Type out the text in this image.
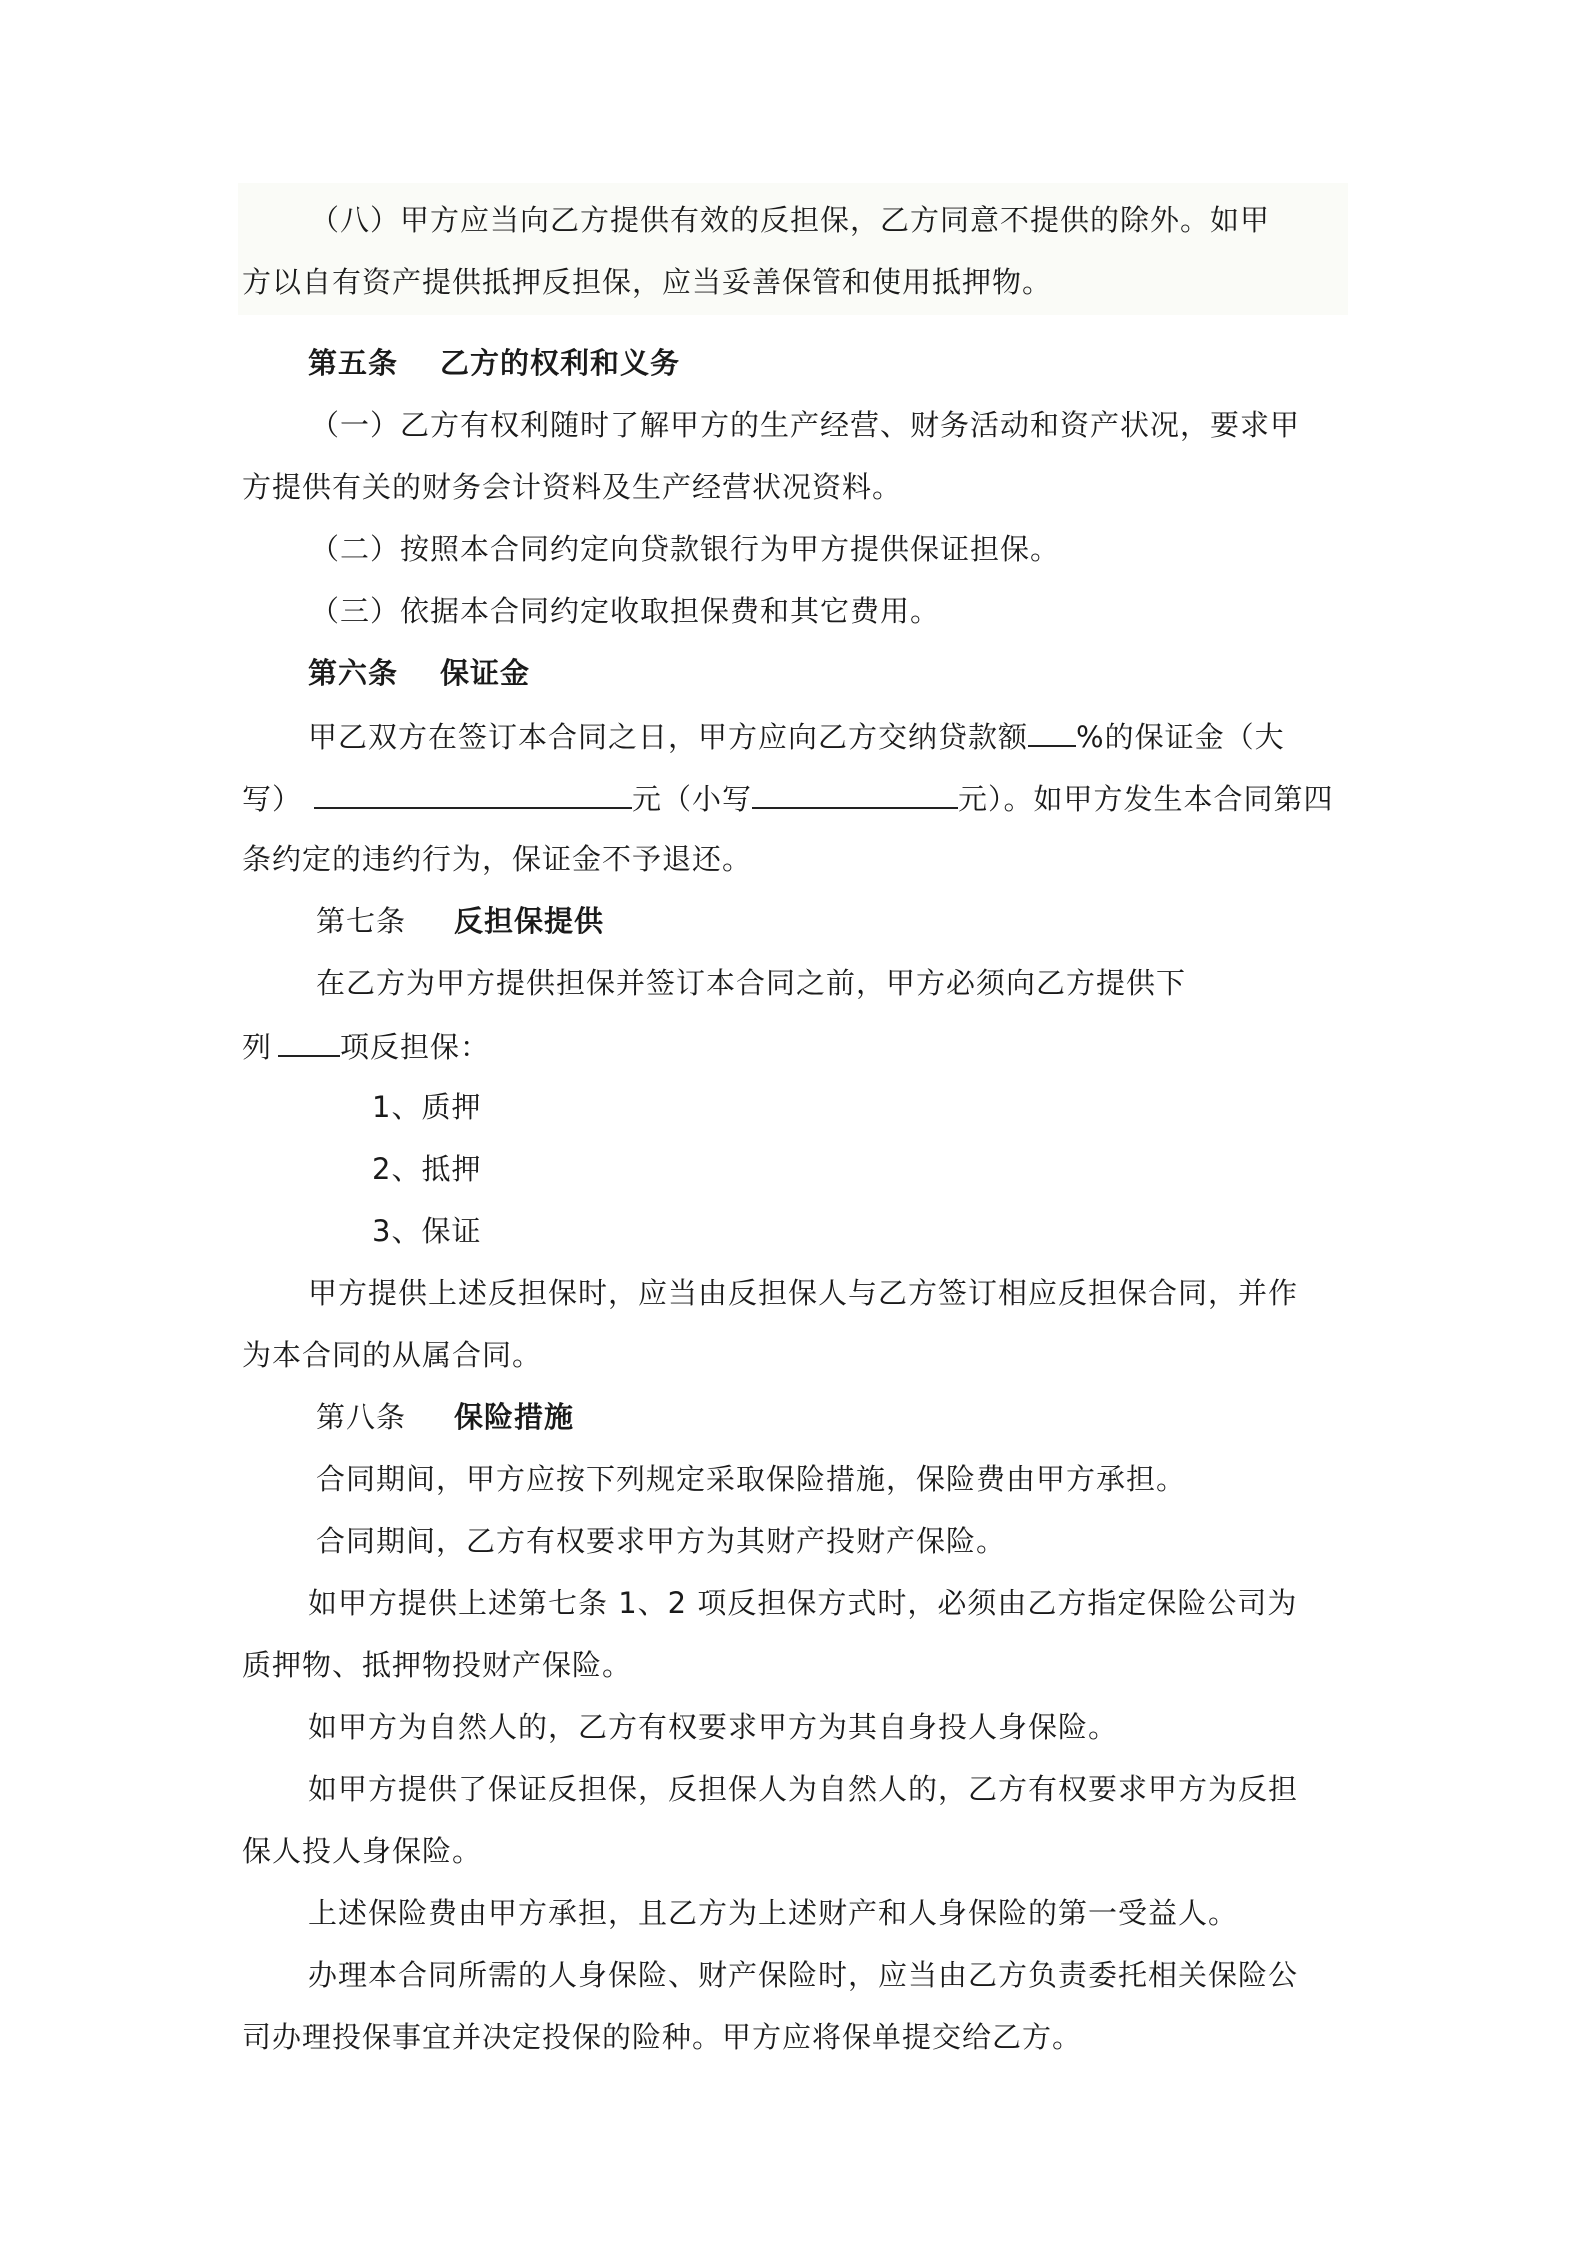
（八）甲方应当向乙方提供有效的反担保，乙方同意不提供的除外。如甲
方以自有资产提供抵押反担保，应当妥善保管和使用抵押物。
第五条 乙方的权利和义务
（一）乙方有权利随时了解甲方的生产经营、财务活动和资产状况，要求甲
方提供有关的财务会计资料及生产经营状况资料。
（二）按照本合同约定向贷款银行为甲方提供保证担保。
（三）依据本合同约定收取担保费和其它费用。
第六条 保证金
甲乙双方在签订本合同之日，甲方应向乙方交纳贷款额 %的保证金（大
写）	元（小写	元）。如甲方发生本合同第四
条约定的违约行为，保证金不予退还。
第七条 反担保提供
在乙方为甲方提供担保并签订本合同之前，甲方必须向乙方提供下
列 项反担保：
1、质押
2、抵押
3、保证
甲方提供上述反担保时，应当由反担保人与乙方签订相应反担保合同，并作
为本合同的从属合同。
第八条 保险措施
合同期间，甲方应按下列规定采取保险措施，保险费由甲方承担。
合同期间，乙方有权要求甲方为其财产投财产保险。
如甲方提供上述第七条 1、2 项反担保方式时，必须由乙方指定保险公司为
质押物、抵押物投财产保险。
如甲方为自然人的，乙方有权要求甲方为其自身投人身保险。
如甲方提供了保证反担保，反担保人为自然人的，乙方有权要求甲方为反担
保人投人身保险。
上述保险费由甲方承担，且乙方为上述财产和人身保险的第一受益人。
办理本合同所需的人身保险、财产保险时，应当由乙方负责委托相关保险公
司办理投保事宜并决定投保的险种。甲方应将保单提交给乙方。
